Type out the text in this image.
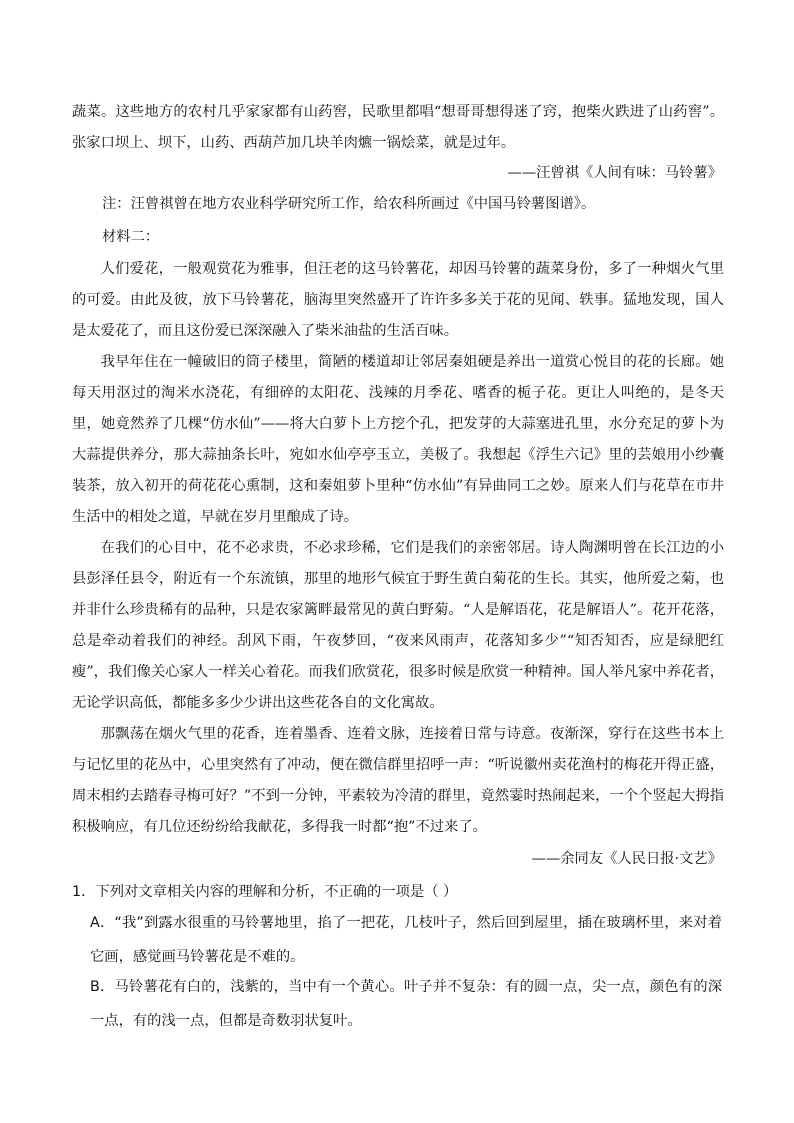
蔬菜。这些地方的农村几乎家家都有山药窖，民歌里都唱“想哥哥想得迷了窍，抱柴火跌进了山药窖”。张家口坝上、坝下，山药、西葫芦加几块羊肉爊一锅烩菜，就是过年。

——汪曾祺《人间有味：马铃薯》

注：汪曾祺曾在地方农业科学研究所工作，给农科所画过《中国马铃薯图谱》。

材料二：

人们爱花，一般观赏花为雅事，但汪老的这马铃薯花，却因马铃薯的蔬菜身份，多了一种烟火气里的可爱。由此及彼，放下马铃薯花，脑海里突然盛开了许许多多关于花的见闻、轶事。猛地发现，国人是太爱花了，而且这份爱已深深融入了柴米油盐的生活百味。

我早年住在一幢破旧的筒子楼里，简陋的楼道却让邻居秦姐硬是养出一道赏心悦目的花的长廊。她每天用沤过的淘米水浇花，有细碎的太阳花、浅辣的月季花、嗜香的栀子花。更让人叫绝的，是冬天里，她竟然养了几棵“仿水仙”——将大白萝卜上方挖个孔，把发芽的大蒜塞进孔里，水分充足的萝卜为大蒜提供养分，那大蒜抽条长叶，宛如水仙亭亭玉立，美极了。我想起《浮生六记》里的芸娘用小纱囊装茶，放入初开的荷花花心熏制，这和秦姐萝卜里种“仿水仙”有异曲同工之妙。原来人们与花草在市井生活中的相处之道，早就在岁月里酿成了诗。

在我们的心目中，花不必求贵，不必求珍稀，它们是我们的亲密邻居。诗人陶渊明曾在长江边的小县彭泽任县令，附近有一个东流镇，那里的地形气候宜于野生黄白菊花的生长。其实，他所爱之菊，也并非什么珍贵稀有的品种，只是农家篱畔最常见的黄白野菊。“人是解语花，花是解语人”。花开花落，总是牵动着我们的神经。刮风下雨，午夜梦回，“夜来风雨声，花落知多少”“知否知否，应是绿肥红瘦”，我们像关心家人一样关心着花。而我们欣赏花，很多时候是欣赏一种精神。国人举凡家中养花者，无论学识高低，都能多多少少讲出这些花各自的文化寓故。

那飘荡在烟火气里的花香，连着墨香、连着文脉，连接着日常与诗意。夜渐深，穿行在这些书本上与记忆里的花丛中，心里突然有了冲动，便在微信群里招呼一声：“听说徽州卖花渔村的梅花开得正盛，周末相约去踏春寻梅可好？”不到一分钟，平素较为冷清的群里，竟然霎时热闹起来，一个个竖起大拇指积极响应，有几位还纷纷给我献花，多得我一时都“抱”不过来了。

——余同友《人民日报·文艺》

1．下列对文章相关内容的理解和分析，不正确的一项是（ ）

A．“我”到露水很重的马铃薯地里，掐了一把花，几枝叶子，然后回到屋里，插在玻璃杯里，来对着它画，感觉画马铃薯花是不难的。

B．马铃薯花有白的，浅紫的，当中有一个黄心。叶子并不复杂：有的圆一点，尖一点，颜色有的深一点，有的浅一点，但都是奇数羽状复叶。
